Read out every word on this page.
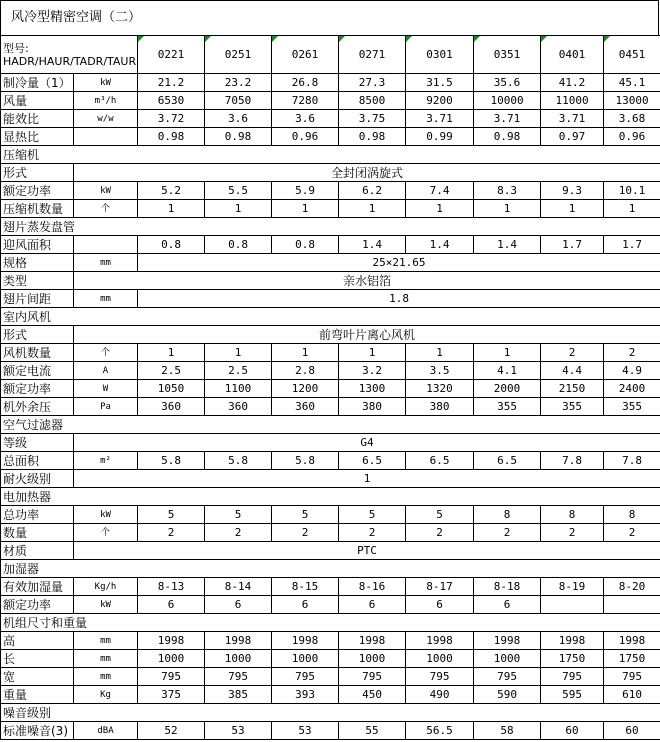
风冷型精密空调（二）
型号:
HADR/HAUR/TADR/TAUR		0221	0251	0261	0271	0301	0351	0401	0451
制冷量（1）	kW	21.2	23.2	26.8	27.3	31.5	35.6	41.2	45.1
风量	m³/h	6530	7050	7280	8500	9200	10000	11000	13000
能效比	w/w	3.72	3.6	3.6	3.75	3.71	3.71	3.71	3.68
显热比		0.98	0.98	0.96	0.98	0.99	0.98	0.97	0.96
压缩机									
形式	全封闭涡旋式								
额定功率	kW	5.2	5.5	5.9	6.2	7.4	8.3	9.3	10.1
压缩机数量	个	1	1	1	1	1	1	1	1
翅片蒸发盘管									
迎风面积		0.8	0.8	0.8	1.4	1.4	1.4	1.7	1.7
规格	mm	25×21.65							
类型	亲水铝箔								
翅片间距	mm	1.8							
室内风机									
形式	前弯叶片离心风机								
风机数量	个	1	1	1	1	1	1	2	2
额定电流	A	2.5	2.5	2.8	3.2	3.5	4.1	4.4	4.9
额定功率	W	1050	1100	1200	1300	1320	2000	2150	2400
机外余压	Pa	360	360	360	380	380	355	355	355
空气过滤器									
等级	G4								
总面积	m²	5.8	5.8	5.8	6.5	6.5	6.5	7.8	7.8
耐火级别	1								
电加热器									
总功率	kW	5	5	5	5	5	8	8	8
数量	个	2	2	2	2	2	2	2	2
材质	PTC								
加湿器									
有效加湿量	Kg/h	8-13	8-14	8-15	8-16	8-17	8-18	8-19	8-20
额定功率	kW	6	6	6	6	6	6		
机组尺寸和重量									
高	mm	1998	1998	1998	1998	1998	1998	1998	1998
长	mm	1000	1000	1000	1000	1000	1000	1750	1750
宽	mm	795	795	795	795	795	795	795	795
重量	Kg	375	385	393	450	490	590	595	610
噪音级别									
标准噪音(3)	dBA	52	53	53	55	56.5	58	60	60
